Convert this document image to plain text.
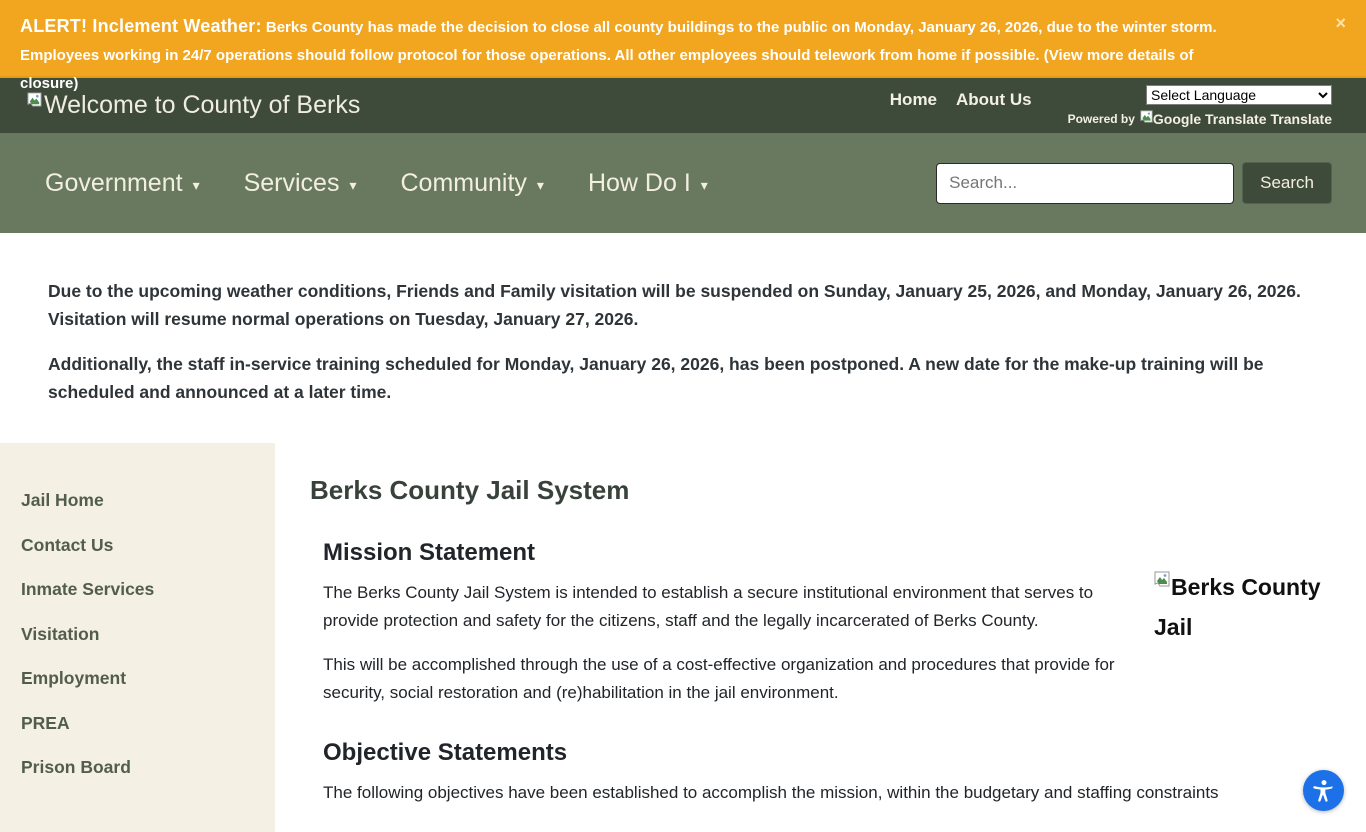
ALERT! Inclement Weather: Berks County has made the decision to close all county buildings to the public on Monday, January 26, 2026, due to the winter storm. Employees working in 24/7 operations should follow protocol for those operations. All other employees should telework from home if possible. (View more details of closure)
×
Welcome to County of Berks	Home About Us
Select Language
Powered by Google Translate Translate
Government ▾ Services ▾ Community ▾ How Do I ▾
Search...	Search

Due to the upcoming weather conditions, Friends and Family visitation will be suspended on Sunday, January 25, 2026, and Monday, January 26, 2026. Visitation will resume normal operations on Tuesday, January 27, 2026.

Additionally, the staff in-service training scheduled for Monday, January 26, 2026, has been postponed. A new date for the make-up training will be scheduled and announced at a later time.

Jail Home
Contact Us
Inmate Services
Visitation
Employment
PREA
Prison Board
Berks County Jail System
Berks County Jail
Mission Statement

The Berks County Jail System is intended to establish a secure institutional environment that serves to provide protection and safety for the citizens, staff and the legally incarcerated of Berks County.

This will be accomplished through the use of a cost-effective organization and procedures that provide for security, social restoration and (re)habilitation in the jail environment.

Objective Statements

The following objectives have been established to accomplish the mission, within the budgetary and staffing constraints
